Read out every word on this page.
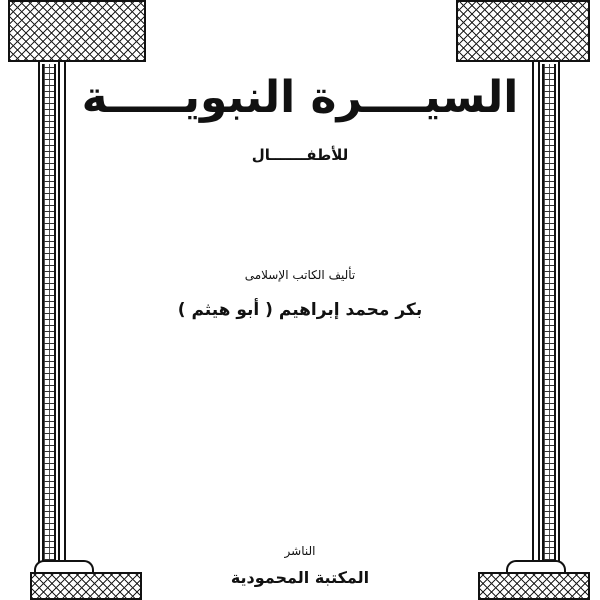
السيــــرة النبويـــــة
للأطفـــــــال
تأليف الكاتب الإسلامى
بكر محمد إبراهيم ( أبو هيثم )
الناشر
المكتبة المحمودية
